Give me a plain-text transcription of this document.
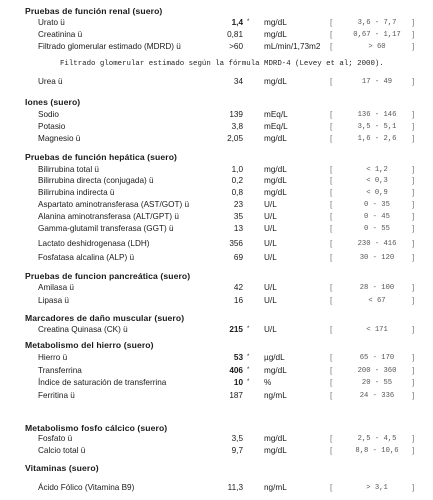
Pruebas de función renal (suero)
Urato ü	1,4 * mg/dL	[	3,6 - 7,7	]
Creatinina ü	0,81	mg/dL	[	0,67 - 1,17	]
Filtrado glomerular estimado (MDRD) ü	>60	mL/min/1,73m2 [	> 60	]
Filtrado glomerular estimado según la fórmula MDRD-4 (Levey et al; 2000).
Urea ü	34	mg/dL	[	17 - 49	]
Iones (suero)
Sodio	139	mEq/L	[	136 - 146	]
Potasio	3,8	mEq/L	[	3,5 - 5,1	]
Magnesio ü	2,05	mg/dL	[	1,6 - 2,6	]
Pruebas de función hepática (suero)
Bilirrubina total ü	1,0	mg/dL	[	< 1,2	]
Bilirrubina directa (conjugada) ü	0,2	mg/dL	[	< 0,3	]
Bilirrubina indirecta ü	0,8	mg/dL	[	< 0,9	]
Aspartato aminotransferasa (AST/GOT) ü	23	U/L	[	0 - 35	]
Alanina aminotransferasa (ALT/GPT) ü	35	U/L	[	0 - 45	]
Gamma-glutamil transferasa (GGT) ü	13	U/L	[	0 - 55	]
Lactato deshidrogenasa (LDH)	356	U/L	[	230 - 416	]
Fosfatasa alcalina (ALP) ü	69	U/L	[	30 - 120	]
Pruebas de funcion pancreática (suero)
Amilasa ü	42	U/L	[	28 - 100	]
Lipasa ü	16	U/L	[	< 67	]
Marcadores de daño muscular (suero)
Creatina Quinasa (CK) ü	215 * U/L	[	< 171	]
Metabolismo del hierro (suero)
Hierro ü	53 * µg/dL	[	65 - 170	]
Transferrina	406 * mg/dL	[	200 - 360	]
Índice de saturación de transferrina	10 * %	[	20 - 55	]
Ferritina ü	187	ng/mL	[	24 - 336	]
Metabolismo fosfo cálcico (suero)
Fosfato ü	3,5	mg/dL	[	2,5 - 4,5	]
Calcio total ü	9,7	mg/dL	[	8,8 - 10,6	]
Vitaminas (suero)
Ácido Fólico (Vitamina B9)	11,3	ng/mL	[	> 3,1	]
